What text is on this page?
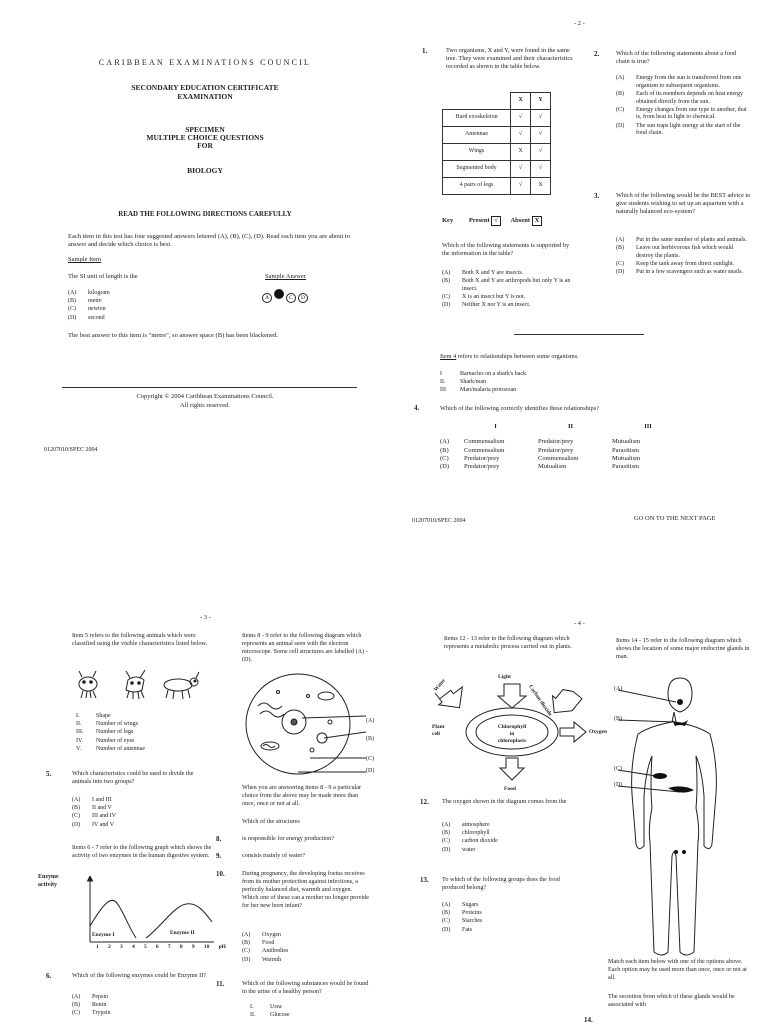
CARIBBEAN EXAMINATIONS COUNCIL
SECONDARY EDUCATION CERTIFICATE
EXAMINATION
SPECIMEN
MULTIPLE CHOICE QUESTIONS
FOR
BIOLOGY
READ THE FOLLOWING DIRECTIONS CAREFULLY
Each item in this test has four suggested answers lettered (A), (B), (C), (D). Read each item you are about to answer and decide which choice is best.
Sample Item
The SI unit of length is the	Sample Answer
A	C D
(A)	kilogram
(B)	metre
(C)	newton
(D)	second
The best answer to this item is "metre", so answer space (B) has been blackened.
Copyright © 2004 Caribbean Examinations Council.
All rights reserved.
01207010/SPEC 2004
- 2 -
1.	Two organisms, X and Y, were found in the same tree. They were examined and their characteristics recorded as shown in the table below.
	X	Y
Hard exoskeleton	√	√
Antennae	√	√
Wings	X	√
Segmented body	√	√
4 pairs of legs	√	X
Key Present √ Absent X
Which of the following statements is supported by the information in the table?
(A)	Both X and Y are insects.
(B)	Both X and Y are arthropods but only Y is an insect.
(C)	X is an insect but Y is not.
(D)	Neither X nor Y is an insect.
2.	Which of the following statements about a food chain is true?
(A)	Energy from the sun is transferred from one organism to subsequent organisms.
(B)	Each of its members depends on heat energy obtained directly from the sun.
(C)	Energy changes from one type to another, that is, from heat to light to chemical.
(D)	The sun traps light energy at the start of the food chain.
3.	Which of the following would be the BEST advice to give students wishing to set up an aquarium with a naturally balanced eco-system?
(A)	Put in the same number of plants and animals.
(B)	Leave out herbivorous fish which would destroy the plants.
(C)	Keep the tank away from direct sunlight.
(D)	Put in a few scavengers such as water snails.
Item 4 refers to relationships between some organisms.
I	Barnacles on a shark's back
II.	Shark/man
III	Man/malaria protozoan
4.	Which of the following correctly identifies these relationships?
I	II	III
(A)	Commensalism	Predator/prey	Mutualism
(B)	Commensalism	Predator/prey	Parasitism
(C)	Predator/prey	Commensalism	Mutualism
(D)	Predator/prey	Mutualism	Parasitism
01207010/SPEC 2004	GO ON TO THE NEXT PAGE
- 3 -
Item 5 refers to the following animals which were classified using the visible characteristics listed below.
I.	Shape
II.	Number of wings
III.	Number of legs
IV.	Number of eyes
V.	Number of antennae
5.	Which characteristics could be used to divide the animals into two groups?
(A)	I and III
(B)	II and V
(C)	III and IV
(D)	IV and V
Items 6 - 7 refer to the following graph which shows the activity of two enzymes in the human digestive system.
Enzyme
activity
Enzyme I	Enzyme II
1 2 3 4 5 6 7 8 9 10 pH
6.	Which of the following enzymes could be Enzyme II?
(A)	Pepsin
(B)	Renin
(C)	Trypsin
Items 8 - 9 refer to the following diagram which represents an animal seen with the electron microscope. Some cell structures are labelled (A) - (D).
(A)
(B)
(C)
(D)
When you are answering items 8 - 9 a particular choice from the above may be made more than once, once or not at all.
Which of the structures
8.	is responsible for energy production?
9.	consists mainly of water?
10.	During pregnancy, the developing foetus receives from its mother protection against infections, a perfectly balanced diet, warmth and oxygen. Which one of these can a mother no longer provide for her new born infant?
(A)	Oxygen
(B)	Food
(C)	Antibodies
(D)	Warmth
11.	Which of the following substances would be found in the urine of a healthy person?
I.	Urea
II.	Glucose
- 4 -
Items 12 - 13 refer to the following diagram which represents a metabolic process carried out in plants.
Water
Light
Carbon dioxide
Plant
cell
Chlorophyll
in
chloroplasts
Oxygen
Food
12. The oxygen shown in the diagram comes from the
(A)	atmosphere
(B)	chlorophyll
(C)	carbon dioxide
(D)	water
13. To which of the following groups does the food produced belong?
(A)	Sugars
(B)	Proteins
(C)	Starches
(D)	Fats
Items 14 - 15 refer to the following diagram which shows the location of some major endocrine glands in man.
(A)
(B)
(C)
(D)
Match each item below with one of the options above. Each option may be used more than once, once or not at all.
The secretion from which of these glands would be associated with
14.
